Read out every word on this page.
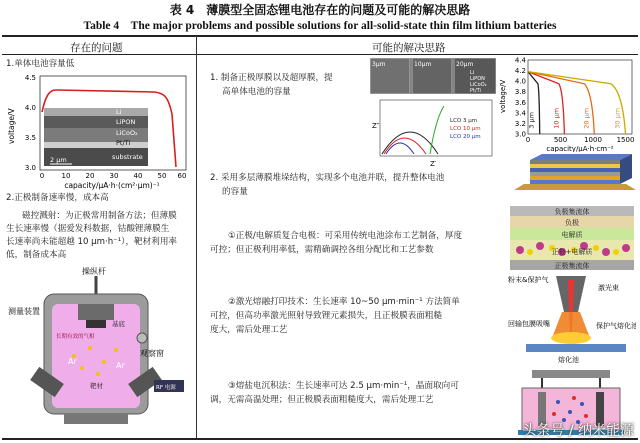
表 4　薄膜型全固态锂电池存在的问题及可能的解决思路
Table 4　The major problems and possible solutions for all-solid-state thin film lithium batteries
存在的问题	可能的解决思路
1.单体电池容量低
Li
LiPON
LiCoO₂
Pt/Ti
substrate
2 μm
4.5
4.0
3.5
3.0
voltage/V
0 10 20 30 40 50 60
capacity/μA·h·(cm²·μm)⁻¹
2.正极制备速率慢，成本高
磁控溅射：为正极常用制备方法；但薄膜
生长速率慢（据爱发科数据，钴酸锂薄膜生
长速率尚未能超越 10 μm·h⁻¹），靶材利用率
低，制备成本高
操纵杆
测量装置
基底
长期有效的气相
Ar	Ar
靶材
观察窗
RF 电源
1. 制备正极厚膜以及超厚膜，提
高单体电池的容量
3μm	10μm	20μm
Li
LiPON
LiCoO₂
Pt/Ti
Z″
Z′
LCO 3 μm
LCO 10 μm
LCO 20 μm
4.4
4.2
4.0
3.8
3.6
3.4
3.2
3.0
0	500 1000 1500
voltage/V
capacity/μA·h·cm⁻²
3 μm	10 μm	20 μm	30 μm
2. 采用多层薄膜堆垛结构，实现多个电池并联，提升整体电池
的容量
①正极/电解质复合电极：可采用传统电池涂布工艺制备，厚度
可控；但正极利用率低，需精确调控各组分配比和工艺参数
负极集流体
负极
电解质
正极+电解质
正极集流体
②激光熔融打印技术：生长速率 10~50 μm·min⁻¹ 方法简单
可控，但高功率激光照射导致锂元素损失，且正极膜表面粗糙
度大，需后处理工艺
粉末&保护气
激光束
回输包膜吸嘴	保护气熔化池
熔化池
③熔盐电沉积法：生长速率可达 2.5 μm·min⁻¹，晶面取向可
调，无需高温处理；但正极膜表面粗糙度大，需后处理工艺
头条号 / 纳米能源
